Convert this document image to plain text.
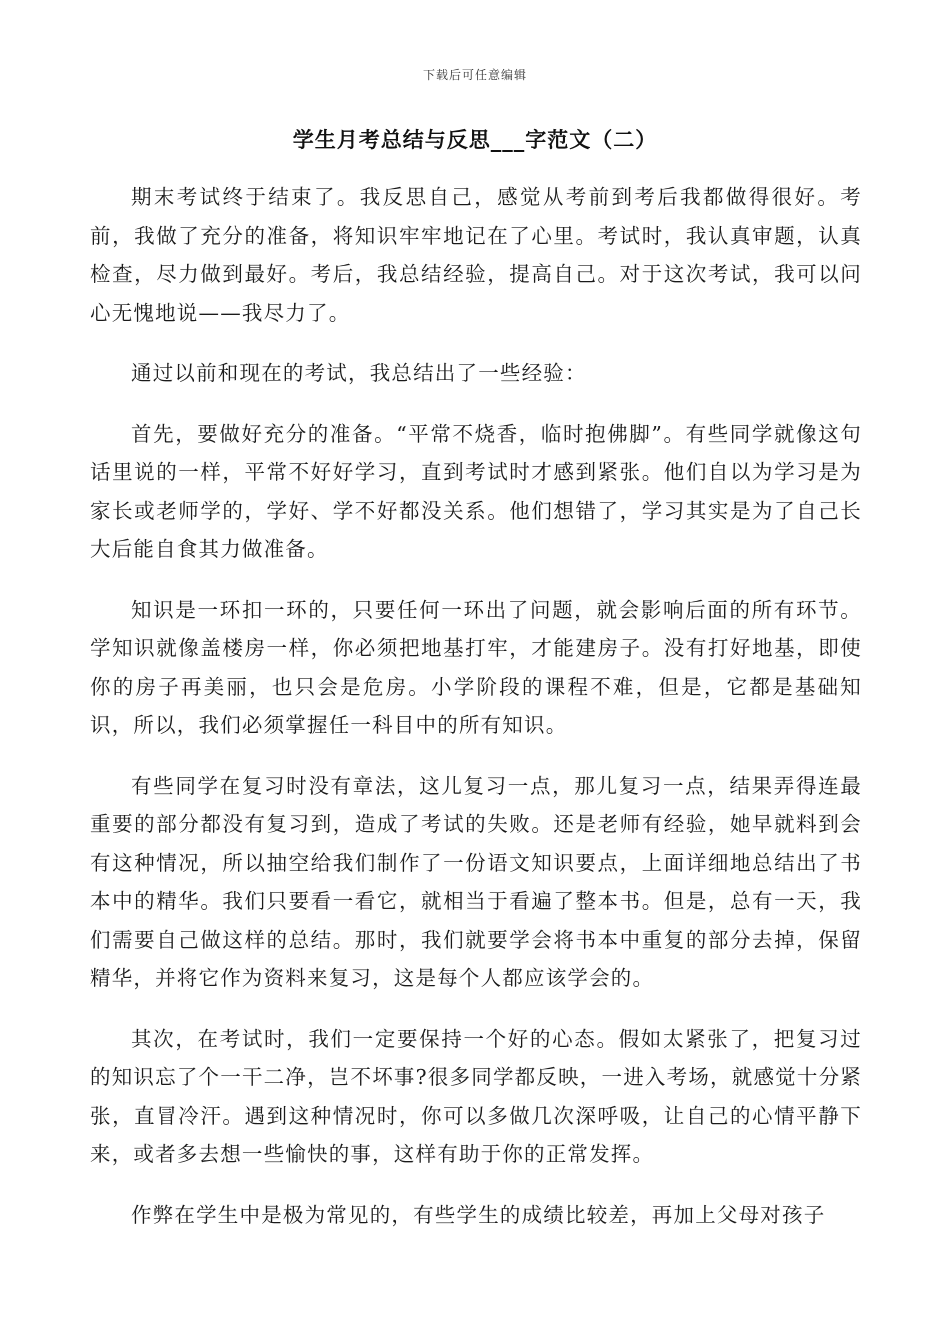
下载后可任意编辑
学生月考总结与反思___字范文（二）

期末考试终于结束了。我反思自己，感觉从考前到考后我都做得很好。考前，我做了充分的准备，将知识牢牢地记在了心里。考试时，我认真审题，认真检查，尽力做到最好。考后，我总结经验，提高自己。对于这次考试，我可以问心无愧地说——我尽力了。

通过以前和现在的考试，我总结出了一些经验：

首先，要做好充分的准备。“平常不烧香，临时抱佛脚”。有些同学就像这句话里说的一样，平常不好好学习，直到考试时才感到紧张。他们自以为学习是为家长或老师学的，学好、学不好都没关系。他们想错了，学习其实是为了自己长大后能自食其力做准备。

知识是一环扣一环的，只要任何一环出了问题，就会影响后面的所有环节。学知识就像盖楼房一样，你必须把地基打牢，才能建房子。没有打好地基，即使你的房子再美丽，也只会是危房。小学阶段的课程不难，但是，它都是基础知识，所以，我们必须掌握任一科目中的所有知识。

有些同学在复习时没有章法，这儿复习一点，那儿复习一点，结果弄得连最重要的部分都没有复习到，造成了考试的失败。还是老师有经验，她早就料到会有这种情况，所以抽空给我们制作了一份语文知识要点，上面详细地总结出了书本中的精华。我们只要看一看它，就相当于看遍了整本书。但是，总有一天，我们需要自己做这样的总结。那时，我们就要学会将书本中重复的部分去掉，保留精华，并将它作为资料来复习，这是每个人都应该学会的。

其次，在考试时，我们一定要保持一个好的心态。假如太紧张了，把复习过的知识忘了个一干二净，岂不坏事?很多同学都反映，一进入考场，就感觉十分紧张，直冒冷汗。遇到这种情况时，你可以多做几次深呼吸，让自己的心情平静下来，或者多去想一些愉快的事，这样有助于你的正常发挥。

作弊在学生中是极为常见的，有些学生的成绩比较差，再加上父母对孩子
